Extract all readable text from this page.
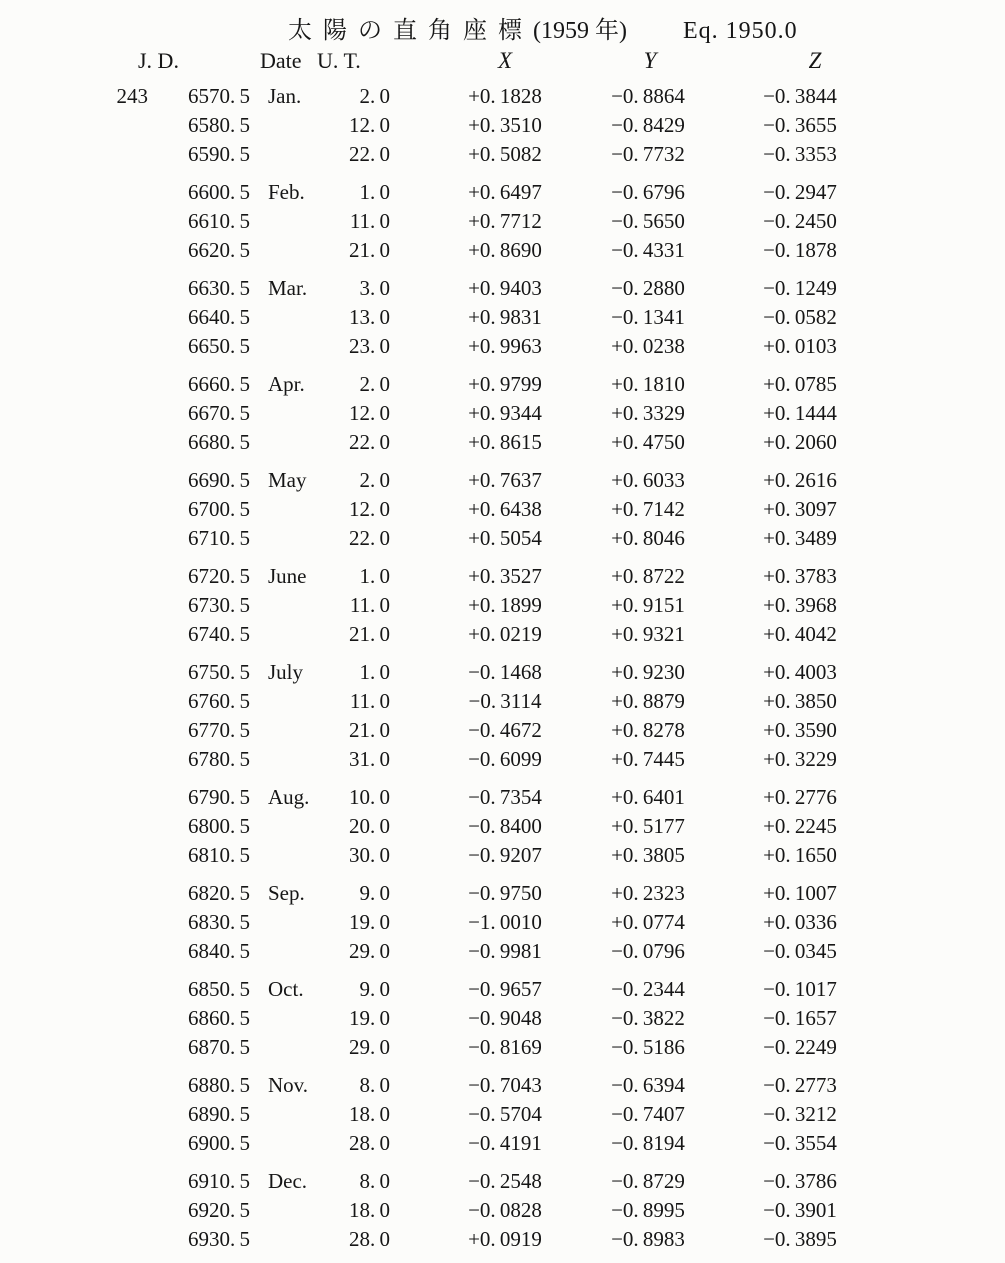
太陽の直角座標 (1959 年) Eq. 1950.0
J. D.	Date U. T.	X	Y	Z
243	6570. 5 Jan.	2. 0	+0. 1828	−0. 8864	−0. 3844
6580. 5	12. 0	+0. 3510	−0. 8429	−0. 3655
6590. 5	22. 0	+0. 5082	−0. 7732	−0. 3353
6600. 5 Feb.	1. 0	+0. 6497	−0. 6796	−0. 2947
6610. 5	11. 0	+0. 7712	−0. 5650	−0. 2450
6620. 5	21. 0	+0. 8690	−0. 4331	−0. 1878
6630. 5 Mar.	3. 0	+0. 9403	−0. 2880	−0. 1249
6640. 5	13. 0	+0. 9831	−0. 1341	−0. 0582
6650. 5	23. 0	+0. 9963	+0. 0238	+0. 0103
6660. 5 Apr.	2. 0	+0. 9799	+0. 1810	+0. 0785
6670. 5	12. 0	+0. 9344	+0. 3329	+0. 1444
6680. 5	22. 0	+0. 8615	+0. 4750	+0. 2060
6690. 5 May	2. 0	+0. 7637	+0. 6033	+0. 2616
6700. 5	12. 0	+0. 6438	+0. 7142	+0. 3097
6710. 5	22. 0	+0. 5054	+0. 8046	+0. 3489
6720. 5 June	1. 0	+0. 3527	+0. 8722	+0. 3783
6730. 5	11. 0	+0. 1899	+0. 9151	+0. 3968
6740. 5	21. 0	+0. 0219	+0. 9321	+0. 4042
6750. 5 July	1. 0	−0. 1468	+0. 9230	+0. 4003
6760. 5	11. 0	−0. 3114	+0. 8879	+0. 3850
6770. 5	21. 0	−0. 4672	+0. 8278	+0. 3590
6780. 5	31. 0	−0. 6099	+0. 7445	+0. 3229
6790. 5 Aug.	10. 0	−0. 7354	+0. 6401	+0. 2776
6800. 5	20. 0	−0. 8400	+0. 5177	+0. 2245
6810. 5	30. 0	−0. 9207	+0. 3805	+0. 1650
6820. 5 Sep.	9. 0	−0. 9750	+0. 2323	+0. 1007
6830. 5	19. 0	−1. 0010	+0. 0774	+0. 0336
6840. 5	29. 0	−0. 9981	−0. 0796	−0. 0345
6850. 5 Oct.	9. 0	−0. 9657	−0. 2344	−0. 1017
6860. 5	19. 0	−0. 9048	−0. 3822	−0. 1657
6870. 5	29. 0	−0. 8169	−0. 5186	−0. 2249
6880. 5 Nov.	8. 0	−0. 7043	−0. 6394	−0. 2773
6890. 5	18. 0	−0. 5704	−0. 7407	−0. 3212
6900. 5	28. 0	−0. 4191	−0. 8194	−0. 3554
6910. 5 Dec.	8. 0	−0. 2548	−0. 8729	−0. 3786
6920. 5	18. 0	−0. 0828	−0. 8995	−0. 3901
6930. 5	28. 0	+0. 0919	−0. 8983	−0. 3895
